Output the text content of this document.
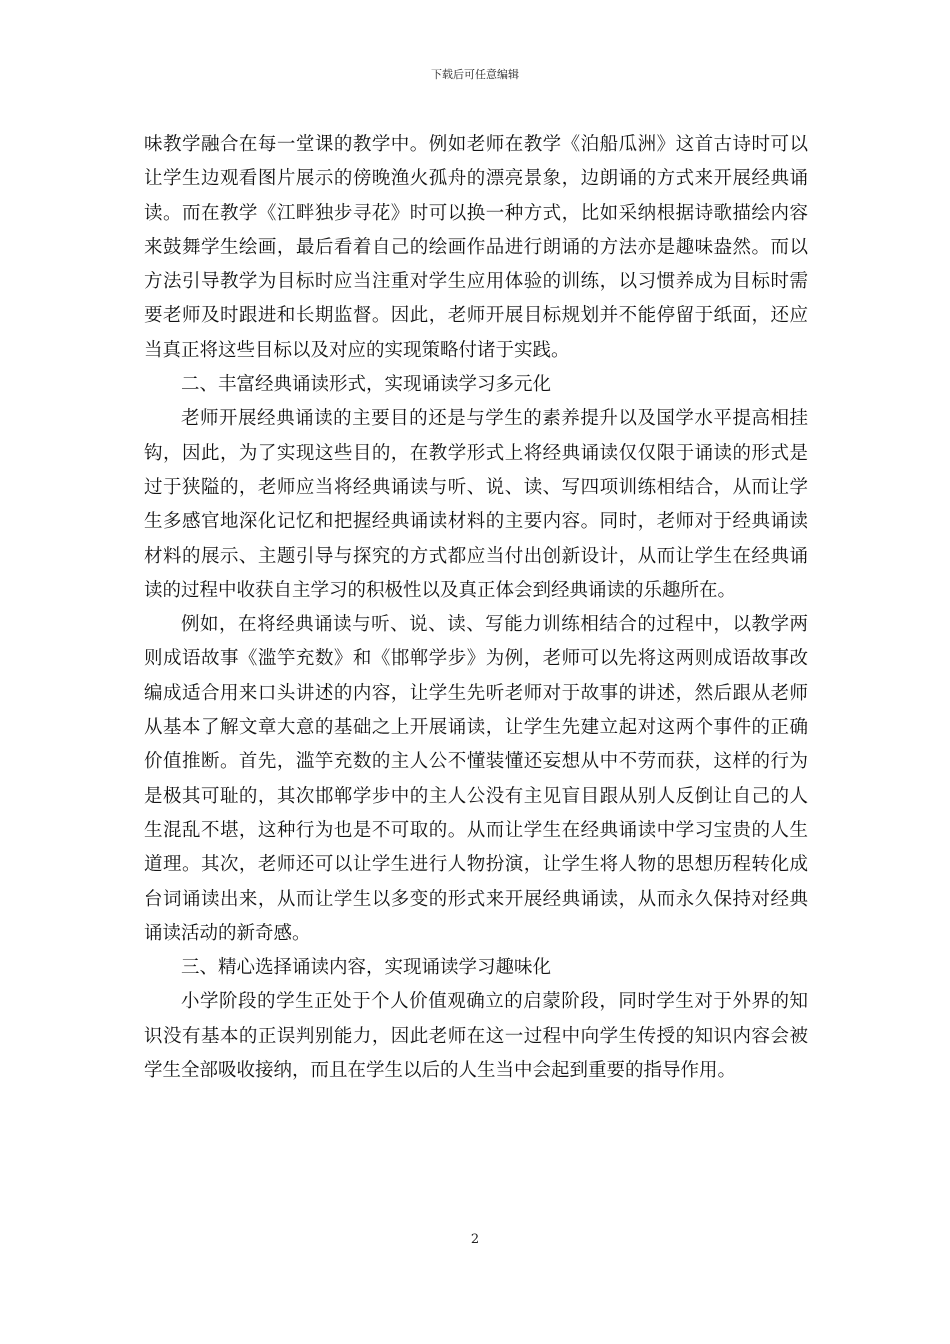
下载后可任意编辑

味教学融合在每一堂课的教学中。例如老师在教学《泊船瓜洲》这首古诗时可以让学生边观看图片展示的傍晚渔火孤舟的漂亮景象，边朗诵的方式来开展经典诵读。而在教学《江畔独步寻花》时可以换一种方式，比如采纳根据诗歌描绘内容来鼓舞学生绘画，最后看着自己的绘画作品进行朗诵的方法亦是趣味盎然。而以方法引导教学为目标时应当注重对学生应用体验的训练，以习惯养成为目标时需要老师及时跟进和长期监督。因此，老师开展目标规划并不能停留于纸面，还应当真正将这些目标以及对应的实现策略付诸于实践。

二、丰富经典诵读形式，实现诵读学习多元化

老师开展经典诵读的主要目的还是与学生的素养提升以及国学水平提高相挂钩，因此，为了实现这些目的，在教学形式上将经典诵读仅仅限于诵读的形式是过于狭隘的，老师应当将经典诵读与听、说、读、写四项训练相结合，从而让学生多感官地深化记忆和把握经典诵读材料的主要内容。同时，老师对于经典诵读材料的展示、主题引导与探究的方式都应当付出创新设计，从而让学生在经典诵读的过程中收获自主学习的积极性以及真正体会到经典诵读的乐趣所在。

例如，在将经典诵读与听、说、读、写能力训练相结合的过程中，以教学两则成语故事《滥竽充数》和《邯郸学步》为例，老师可以先将这两则成语故事改编成适合用来口头讲述的内容，让学生先听老师对于故事的讲述，然后跟从老师从基本了解文章大意的基础之上开展诵读，让学生先建立起对这两个事件的正确价值推断。首先，滥竽充数的主人公不懂装懂还妄想从中不劳而获，这样的行为是极其可耻的，其次邯郸学步中的主人公没有主见盲目跟从别人反倒让自己的人生混乱不堪，这种行为也是不可取的。从而让学生在经典诵读中学习宝贵的人生道理。其次，老师还可以让学生进行人物扮演，让学生将人物的思想历程转化成台词诵读出来，从而让学生以多变的形式来开展经典诵读，从而永久保持对经典诵读活动的新奇感。

三、精心选择诵读内容，实现诵读学习趣味化

小学阶段的学生正处于个人价值观确立的启蒙阶段，同时学生对于外界的知识没有基本的正误判别能力，因此老师在这一过程中向学生传授的知识内容会被学生全部吸收接纳，而且在学生以后的人生当中会起到重要的指导作用。

2
